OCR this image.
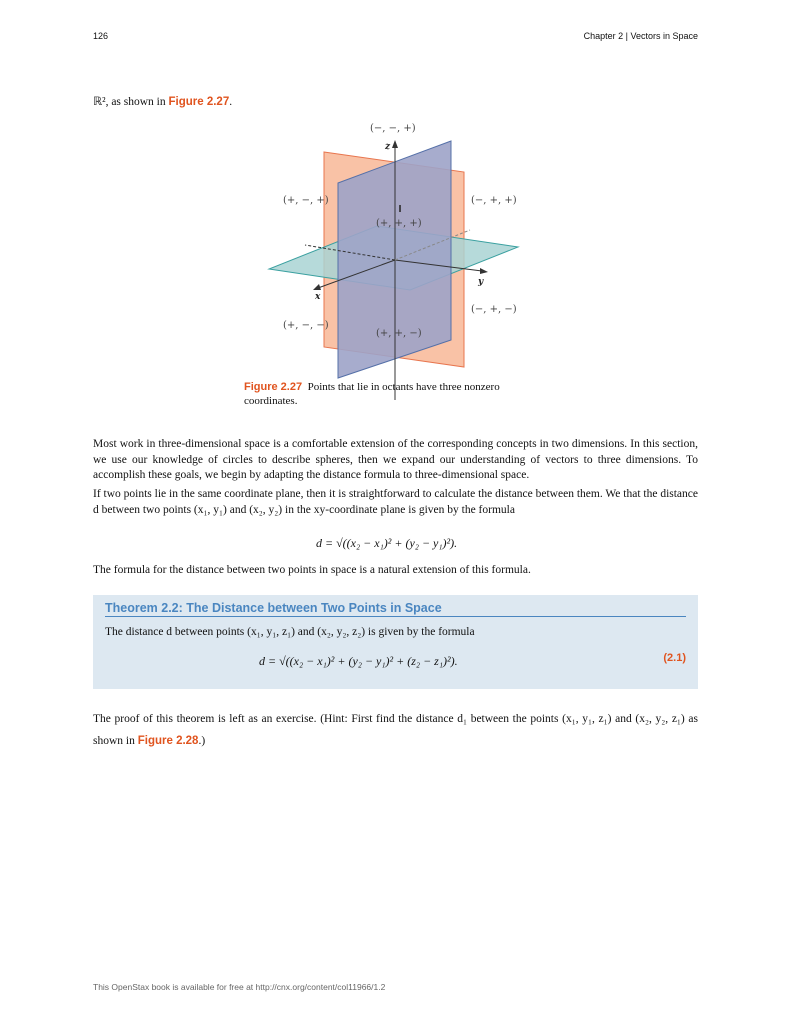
126	Chapter 2 | Vectors in Space
ℝ², as shown in Figure 2.27.
(−, −, +)
(+, −, +)	(−, +, +)
(+, +, +)
(−, +, −)
(+, −, −)
(+, +, −)
z
y
x
Figure 2.27 Points that lie in octants have three nonzero coordinates.
Most work in three-dimensional space is a comfortable extension of the corresponding concepts in two dimensions. In this section, we use our knowledge of circles to describe spheres, then we expand our understanding of vectors to three dimensions. To accomplish these goals, we begin by adapting the distance formula to three-dimensional space.
If two points lie in the same coordinate plane, then it is straightforward to calculate the distance between them. We that the distance d between two points (x₁, y₁) and (x₂, y₂) in the xy-coordinate plane is given by the formula
d = √((x₂ − x₁)² + (y₂ − y₁)²).
The formula for the distance between two points in space is a natural extension of this formula.
Theorem 2.2: The Distance between Two Points in Space
The distance d between points (x₁, y₁, z₁) and (x₂, y₂, z₂) is given by the formula
d = √((x₂ − x₁)² + (y₂ − y₁)² + (z₂ − z₁)²).	(2.1)
The proof of this theorem is left as an exercise. (Hint: First find the distance d₁ between the points (x₁, y₁, z₁) and (x₂, y₂, z₁) as shown in Figure 2.28.)
This OpenStax book is available for free at http://cnx.org/content/col11966/1.2
